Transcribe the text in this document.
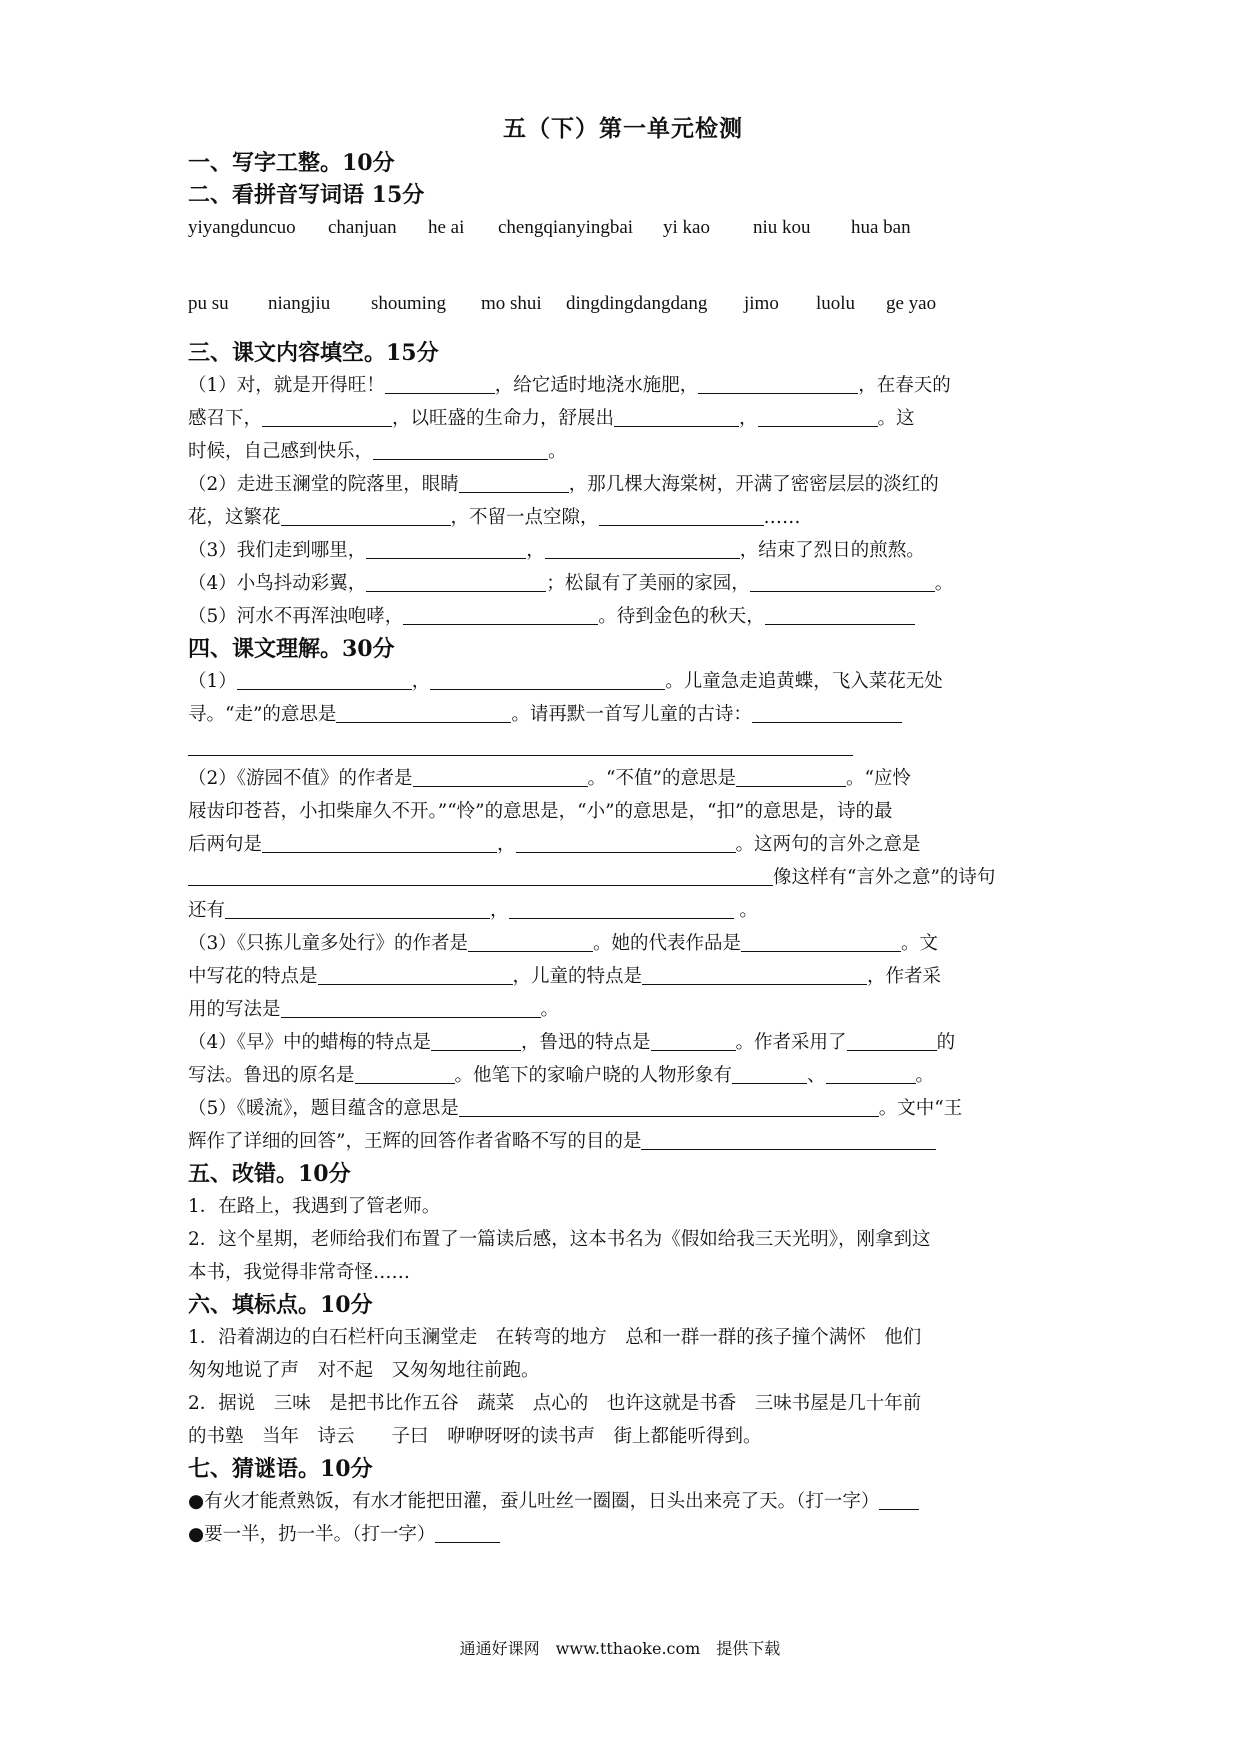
五（下）第一单元检测
一、写字工整。10分
二、看拼音写词语 15分
yiyangduncuo	chanjuan	he ai	chengqianyingbai	yi kao	niu kou	hua ban
pu su	niangjiu	shouming	mo shui	dingdingdangdang	jimo	luolu	ge yao
三、课文内容填空。15分
（1）对，就是开得旺！	，给它适时地浇水施肥，	，在春天的
感召下，	，以旺盛的生命力，舒展出	，	。这
时候，自己感到快乐，	。
（2）走进玉澜堂的院落里，眼睛	，那几棵大海棠树，开满了密密层层的淡红的
花，这繁花	，不留一点空隙，	……
（3）我们走到哪里，	，	，结束了烈日的煎熬。
（4）小鸟抖动彩翼，	；松鼠有了美丽的家园，	。
（5）河水不再浑浊咆哮，	。待到金色的秋天，
四、课文理解。30分
（1）	，	。儿童急走追黄蝶，飞入菜花无处
寻。“走”的意思是	。请再默一首写儿童的古诗：
（2）《游园不值》的作者是	。“不值”的意思是	。“应怜
屐齿印苍苔，小扣柴扉久不开。”“怜”的意思是，“小”的意思是，“扣”的意思是，诗的最
后两句是	，	。这两句的言外之意是
像这样有“言外之意”的诗句
还有	，	。
（3）《只拣儿童多处行》的作者是	。她的代表作品是	。文
中写花的特点是	，儿童的特点是	，作者采
用的写法是	。
（4）《早》中的蜡梅的特点是	，鲁迅的特点是	。作者采用了	的
写法。鲁迅的原名是	。他笔下的家喻户晓的人物形象有	、	。
（5）《暖流》，题目蕴含的意思是	。文中“王
辉作了详细的回答”，王辉的回答作者省略不写的目的是
五、改错。10分
1．在路上，我遇到了管老师。
2．这个星期，老师给我们布置了一篇读后感，这本书名为《假如给我三天光明》，刚拿到这
本书，我觉得非常奇怪……
六、填标点。10分
1．沿着湖边的白石栏杆向玉澜堂走　在转弯的地方　总和一群一群的孩子撞个满怀　他们
匆匆地说了声　对不起　又匆匆地往前跑。
2．据说　三味　是把书比作五谷　蔬菜　点心的　也许这就是书香　三味书屋是几十年前
的书塾　当年　诗云　　子曰　咿咿呀呀的读书声　街上都能听得到。
七、猜谜语。10分
●有火才能煮熟饭，有水才能把田灌，蚕儿吐丝一圈圈，日头出来亮了天。（打一字）
●要一半，扔一半。（打一字）
通通好课网　www.tthaoke.com　提供下载
